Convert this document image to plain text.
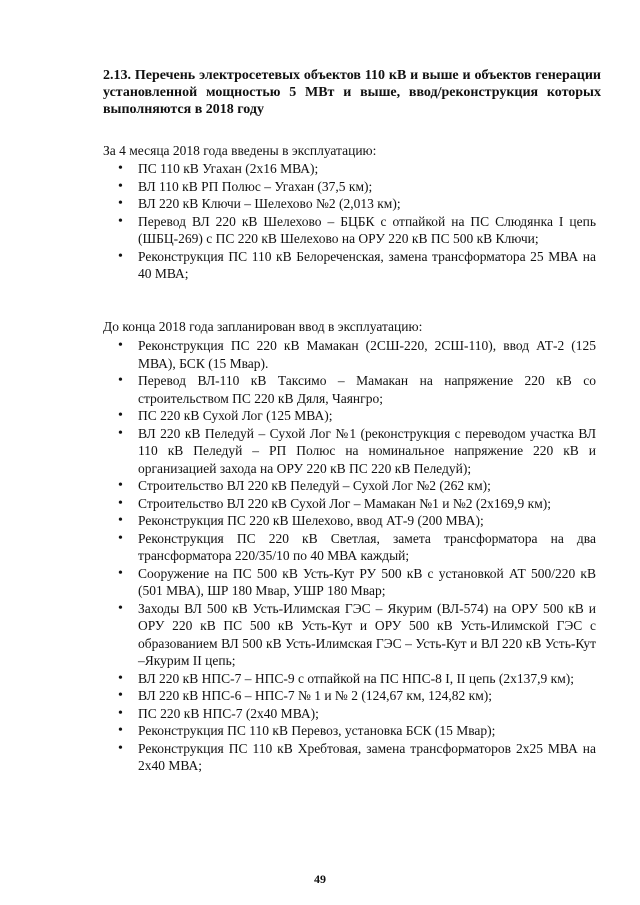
2.13. Перечень электросетевых объектов 110 кВ и выше и объектов генерации установленной мощностью 5 МВт и выше, ввод/реконструкция которых выполняются в 2018 году
За 4 месяца 2018 года введены в эксплуатацию:
• ПС 110 кВ Угахан (2x16 МВА);
• ВЛ 110 кВ РП Полюс – Угахан (37,5 км);
• ВЛ 220 кВ Ключи – Шелехово №2 (2,013 км);
• Перевод ВЛ 220 кВ Шелехово – БЦБК с отпайкой на ПС Слюдянка I цепь (ШБЦ-269) с ПС 220 кВ Шелехово на ОРУ 220 кВ ПС 500 кВ Ключи;
• Реконструкция ПС 110 кВ Белореченская, замена трансформатора 25 МВА на 40 МВА;
До конца 2018 года запланирован ввод в эксплуатацию:
• Реконструкция ПС 220 кВ Мамакан (2СШ-220, 2СШ-110), ввод АТ-2 (125 МВА), БСК (15 Мвар).
• Перевод ВЛ-110 кВ Таксимо – Мамакан на напряжение 220 кВ со строительством ПС 220 кВ Дяля, Чаянгро;
• ПС 220 кВ Сухой Лог (125 МВА);
• ВЛ 220 кВ Пеледуй – Сухой Лог №1 (реконструкция с переводом участка ВЛ 110 кВ Пеледуй – РП Полюс на номинальное напряжение 220 кВ и организацией захода на ОРУ 220 кВ ПС 220 кВ Пеледуй);
• Строительство ВЛ 220 кВ Пеледуй – Сухой Лог №2 (262 км);
• Строительство ВЛ 220 кВ Сухой Лог – Мамакан №1 и №2 (2х169,9 км);
• Реконструкция ПС 220 кВ Шелехово, ввод АТ-9 (200 МВА);
• Реконструкция ПС 220 кВ Светлая, замета трансформатора на два трансформатора 220/35/10 по 40 МВА каждый;
• Сооружение на ПС 500 кВ Усть-Кут РУ 500 кВ с установкой АТ 500/220 кВ (501 МВА), ШР 180 Мвар, УШР 180 Мвар;
• Заходы ВЛ 500 кВ Усть-Илимская ГЭС – Якурим (ВЛ-574) на ОРУ 500 кВ и ОРУ 220 кВ ПС 500 кВ Усть-Кут и ОРУ 500 кВ Усть-Илимской ГЭС с образованием ВЛ 500 кВ Усть-Илимская ГЭС – Усть-Кут и ВЛ 220 кВ Усть-Кут –Якурим II цепь;
• ВЛ 220 кВ НПС-7 – НПС-9 с отпайкой на ПС НПС-8 I, II цепь (2х137,9 км);
• ВЛ 220 кВ НПС-6 – НПС-7 № 1 и № 2 (124,67 км, 124,82 км);
• ПС 220 кВ НПС-7 (2х40 МВА);
• Реконструкция ПС 110 кВ Перевоз, установка БСК (15 Мвар);
• Реконструкция ПС 110 кВ Хребтовая, замена трансформаторов 2х25 МВА на 2х40 МВА;
49
